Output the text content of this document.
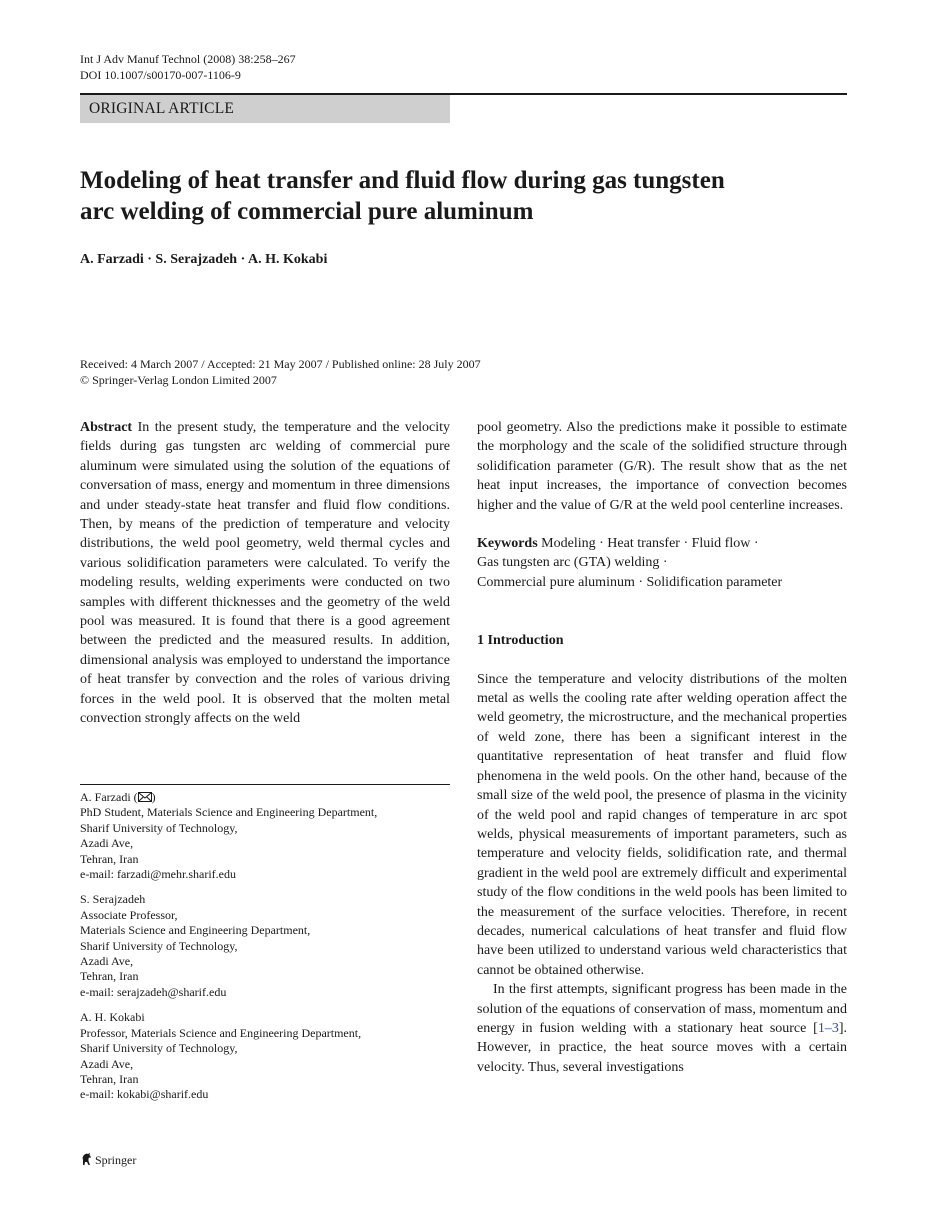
Int J Adv Manuf Technol (2008) 38:258–267
DOI 10.1007/s00170-007-1106-9
ORIGINAL ARTICLE
Modeling of heat transfer and fluid flow during gas tungsten
arc welding of commercial pure aluminum
A. Farzadi · S. Serajzadeh · A. H. Kokabi
Received: 4 March 2007 / Accepted: 21 May 2007 / Published online: 28 July 2007
© Springer-Verlag London Limited 2007

Abstract In the present study, the temperature and the velocity fields during gas tungsten arc welding of commercial pure aluminum were simulated using the solution of the equations of conversation of mass, energy and momentum in three dimensions and under steady-state heat transfer and fluid flow conditions. Then, by means of the prediction of temperature and velocity distributions, the weld pool geometry, weld thermal cycles and various solidification parameters were calculated. To verify the modeling results, welding experiments were conducted on two samples with different thicknesses and the geometry of the weld pool was measured. It is found that there is a good agreement between the predicted and the measured results. In addition, dimensional analysis was employed to understand the importance of heat transfer by convection and the roles of various driving forces in the weld pool. It is observed that the molten metal convection strongly affects on the weld

A. Farzadi ( )
PhD Student, Materials Science and Engineering Department,
Sharif University of Technology,
Azadi Ave,
Tehran, Iran
e-mail: farzadi@mehr.sharif.edu
S. Serajzadeh
Associate Professor,
Materials Science and Engineering Department,
Sharif University of Technology,
Azadi Ave,
Tehran, Iran
e-mail: serajzadeh@sharif.edu
A. H. Kokabi
Professor, Materials Science and Engineering Department,
Sharif University of Technology,
Azadi Ave,
Tehran, Iran
e-mail: kokabi@sharif.edu

pool geometry. Also the predictions make it possible to estimate the morphology and the scale of the solidified structure through solidification parameter (G/R). The result show that as the net heat input increases, the importance of convection becomes higher and the value of G/R at the weld pool centerline increases.

Keywords Modeling · Heat transfer · Fluid flow ·
Gas tungsten arc (GTA) welding ·
Commercial pure aluminum · Solidification parameter

1 Introduction

Since the temperature and velocity distributions of the molten metal as wells the cooling rate after welding operation affect the weld geometry, the microstructure, and the mechanical properties of weld zone, there has been a significant interest in the quantitative representation of heat transfer and fluid flow phenomena in the weld pools. On the other hand, because of the small size of the weld pool, the presence of plasma in the vicinity of the weld pool and rapid changes of temperature in arc spot welds, physical measurements of important parameters, such as temperature and velocity fields, solidification rate, and thermal gradient in the weld pool are extremely difficult and experimental study of the flow conditions in the weld pools has been limited to the measurement of the surface velocities. Therefore, in recent decades, numerical calculations of heat transfer and fluid flow have been utilized to understand various weld characteristics that cannot be obtained otherwise.

In the first attempts, significant progress has been made in the solution of the equations of conservation of mass, momentum and energy in fusion welding with a stationary heat source [1–3]. However, in practice, the heat source moves with a certain velocity. Thus, several investigations

Springer
